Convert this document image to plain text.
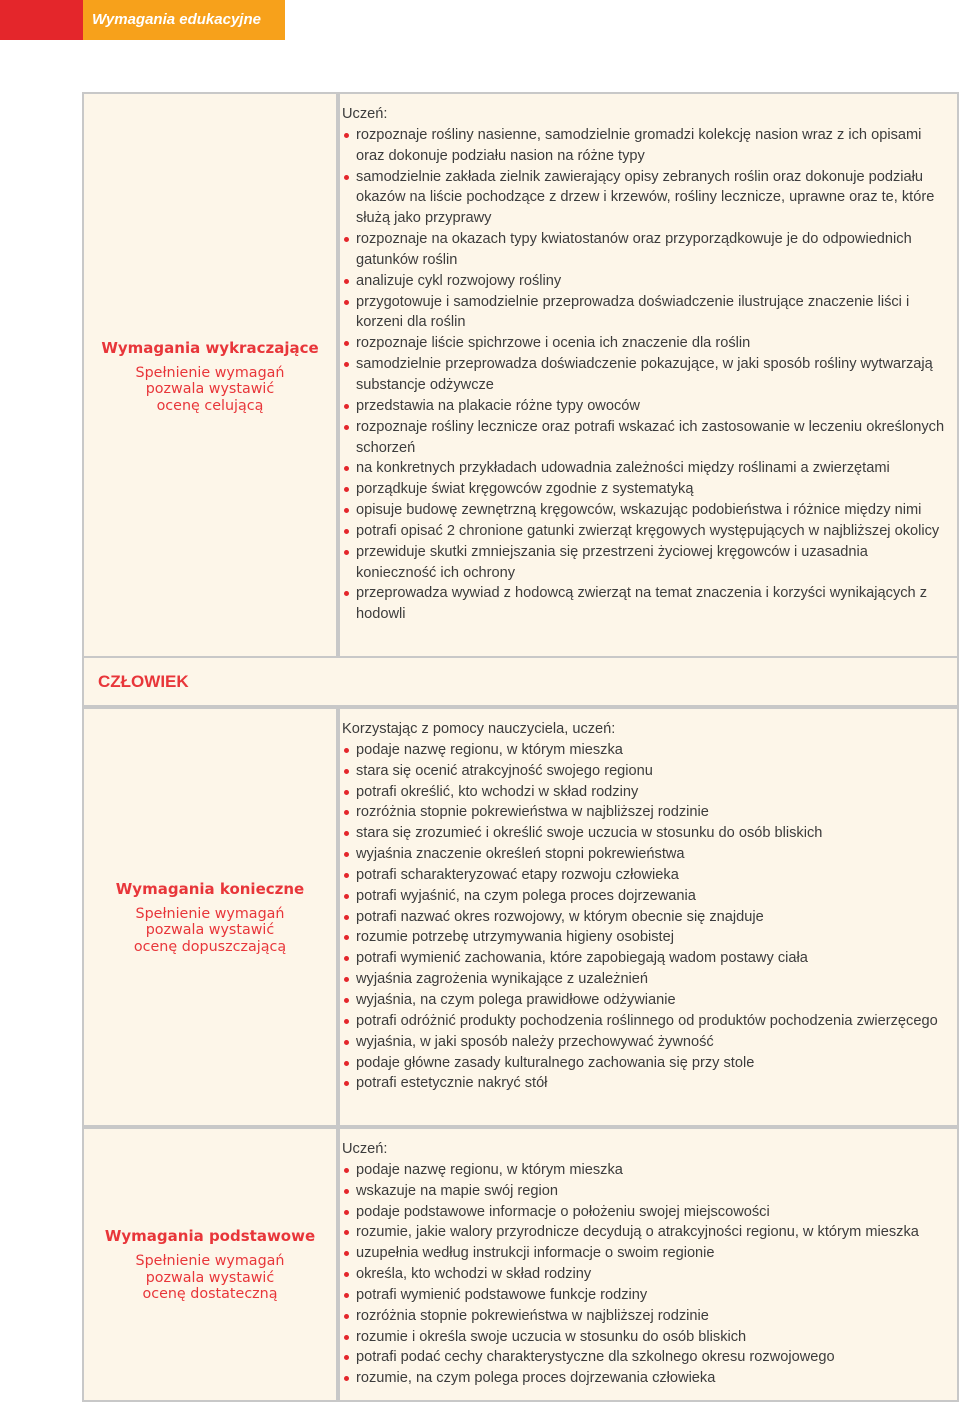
Wymagania edukacyjne
Wymagania wykraczające
Spełnienie wymagań
pozwala wystawić
ocenę celującą
Uczeń:
rozpoznaje rośliny nasienne, samodzielnie gromadzi kolekcję nasion wraz z ich opisami oraz dokonuje podziału nasion na różne typy
samodzielnie zakłada zielnik zawierający opisy zebranych roślin oraz dokonuje podziału okazów na liście pochodzące z drzew i krzewów, rośliny lecznicze, uprawne oraz te, które służą jako przyprawy
rozpoznaje na okazach typy kwiatostanów oraz przyporządkowuje je do odpowiednich gatunków roślin
analizuje cykl rozwojowy rośliny
przygotowuje i samodzielnie przeprowadza doświadczenie ilustrujące znaczenie liści i korzeni dla roślin
rozpoznaje liście spichrzowe i ocenia ich znaczenie dla roślin
samodzielnie przeprowadza doświadczenie pokazujące, w jaki sposób rośliny wytwarzają substancje odżywcze
przedstawia na plakacie różne typy owoców
rozpoznaje rośliny lecznicze oraz potrafi wskazać ich zastosowanie w leczeniu określonych schorzeń
na konkretnych przykładach udowadnia zależności między roślinami a zwierzętami
porządkuje świat kręgowców zgodnie z systematyką
opisuje budowę zewnętrzną kręgowców, wskazując podobieństwa i różnice między nimi
potrafi opisać 2 chronione gatunki zwierząt kręgowych występujących w najbliższej okolicy
przewiduje skutki zmniejszania się przestrzeni życiowej kręgowców i uzasadnia konieczność ich ochrony
przeprowadza wywiad z hodowcą zwierząt na temat znaczenia i korzyści wynikających z hodowli
CZŁOWIEK
Wymagania konieczne
Spełnienie wymagań
pozwala wystawić
ocenę dopuszczającą
Korzystając z pomocy nauczyciela, uczeń:
podaje nazwę regionu, w którym mieszka
stara się ocenić atrakcyjność swojego regionu
potrafi określić, kto wchodzi w skład rodziny
rozróżnia stopnie pokrewieństwa w najbliższej rodzinie
stara się zrozumieć i określić swoje uczucia w stosunku do osób bliskich
wyjaśnia znaczenie określeń stopni pokrewieństwa
potrafi scharakteryzować etapy rozwoju człowieka
potrafi wyjaśnić, na czym polega proces dojrzewania
potrafi nazwać okres rozwojowy, w którym obecnie się znajduje
rozumie potrzebę utrzymywania higieny osobistej
potrafi wymienić zachowania, które zapobiegają wadom postawy ciała
wyjaśnia zagrożenia wynikające z uzależnień
wyjaśnia, na czym polega prawidłowe odżywianie
potrafi odróżnić produkty pochodzenia roślinnego od produktów pochodzenia zwierzęcego
wyjaśnia, w jaki sposób należy przechowywać żywność
podaje główne zasady kulturalnego zachowania się przy stole
potrafi estetycznie nakryć stół
Wymagania podstawowe
Spełnienie wymagań
pozwala wystawić
ocenę dostateczną
Uczeń:
podaje nazwę regionu, w którym mieszka
wskazuje na mapie swój region
podaje podstawowe informacje o położeniu swojej miejscowości
rozumie, jakie walory przyrodnicze decydują o atrakcyjności regionu, w którym mieszka
uzupełnia według instrukcji informacje o swoim regionie
określa, kto wchodzi w skład rodziny
potrafi wymienić podstawowe funkcje rodziny
rozróżnia stopnie pokrewieństwa w najbliższej rodzinie
rozumie i określa swoje uczucia w stosunku do osób bliskich
potrafi podać cechy charakterystyczne dla szkolnego okresu rozwojowego
rozumie, na czym polega proces dojrzewania człowieka
